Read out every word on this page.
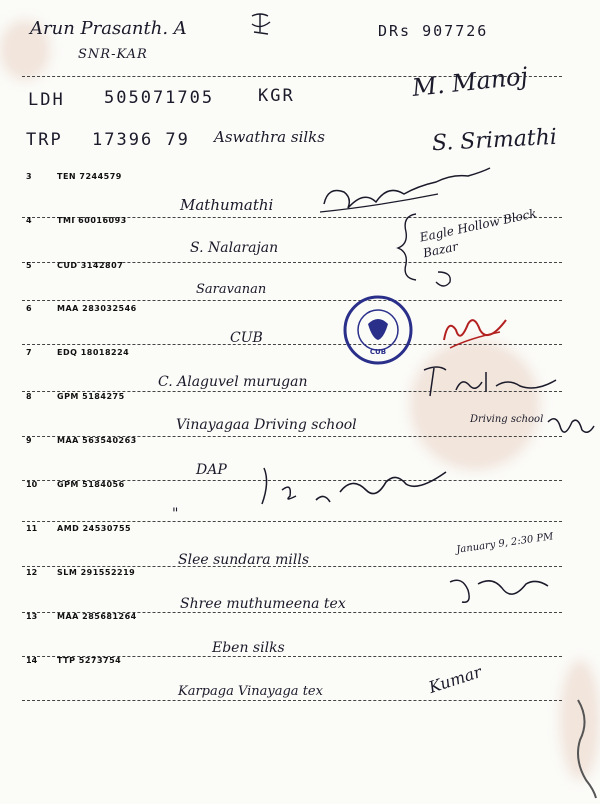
Arun Prasanth. A
SNR-KAR
DRs 907726
LDH 505071705	KGR	M. Manoj
TRP 17396 79 Aswathra silks	S. Srimathi
3	TEN 7244579
Mathumathi
4	TMI 60016093
S. Nalarajan
5	CUD 3142807
Saravanan
6	MAA 283032546
CUB
7	EDQ 18018224
C. Alaguvel murugan
8	GPM 5184275
Vinayagaa Driving school	Driving school
9	MAA 563540263
DAP
10 GPM 5184056
"
11 AMD 24530755
Slee sundara mills
January 9, 2:30 PM
12 SLM 291552219
Shree muthumeena tex
13 MAA 285681264
Eben silks
14 TTP 5273754
Karpaga Vinayaga tex	Kumar
Eagle Hollow Block Bazar
CUB
